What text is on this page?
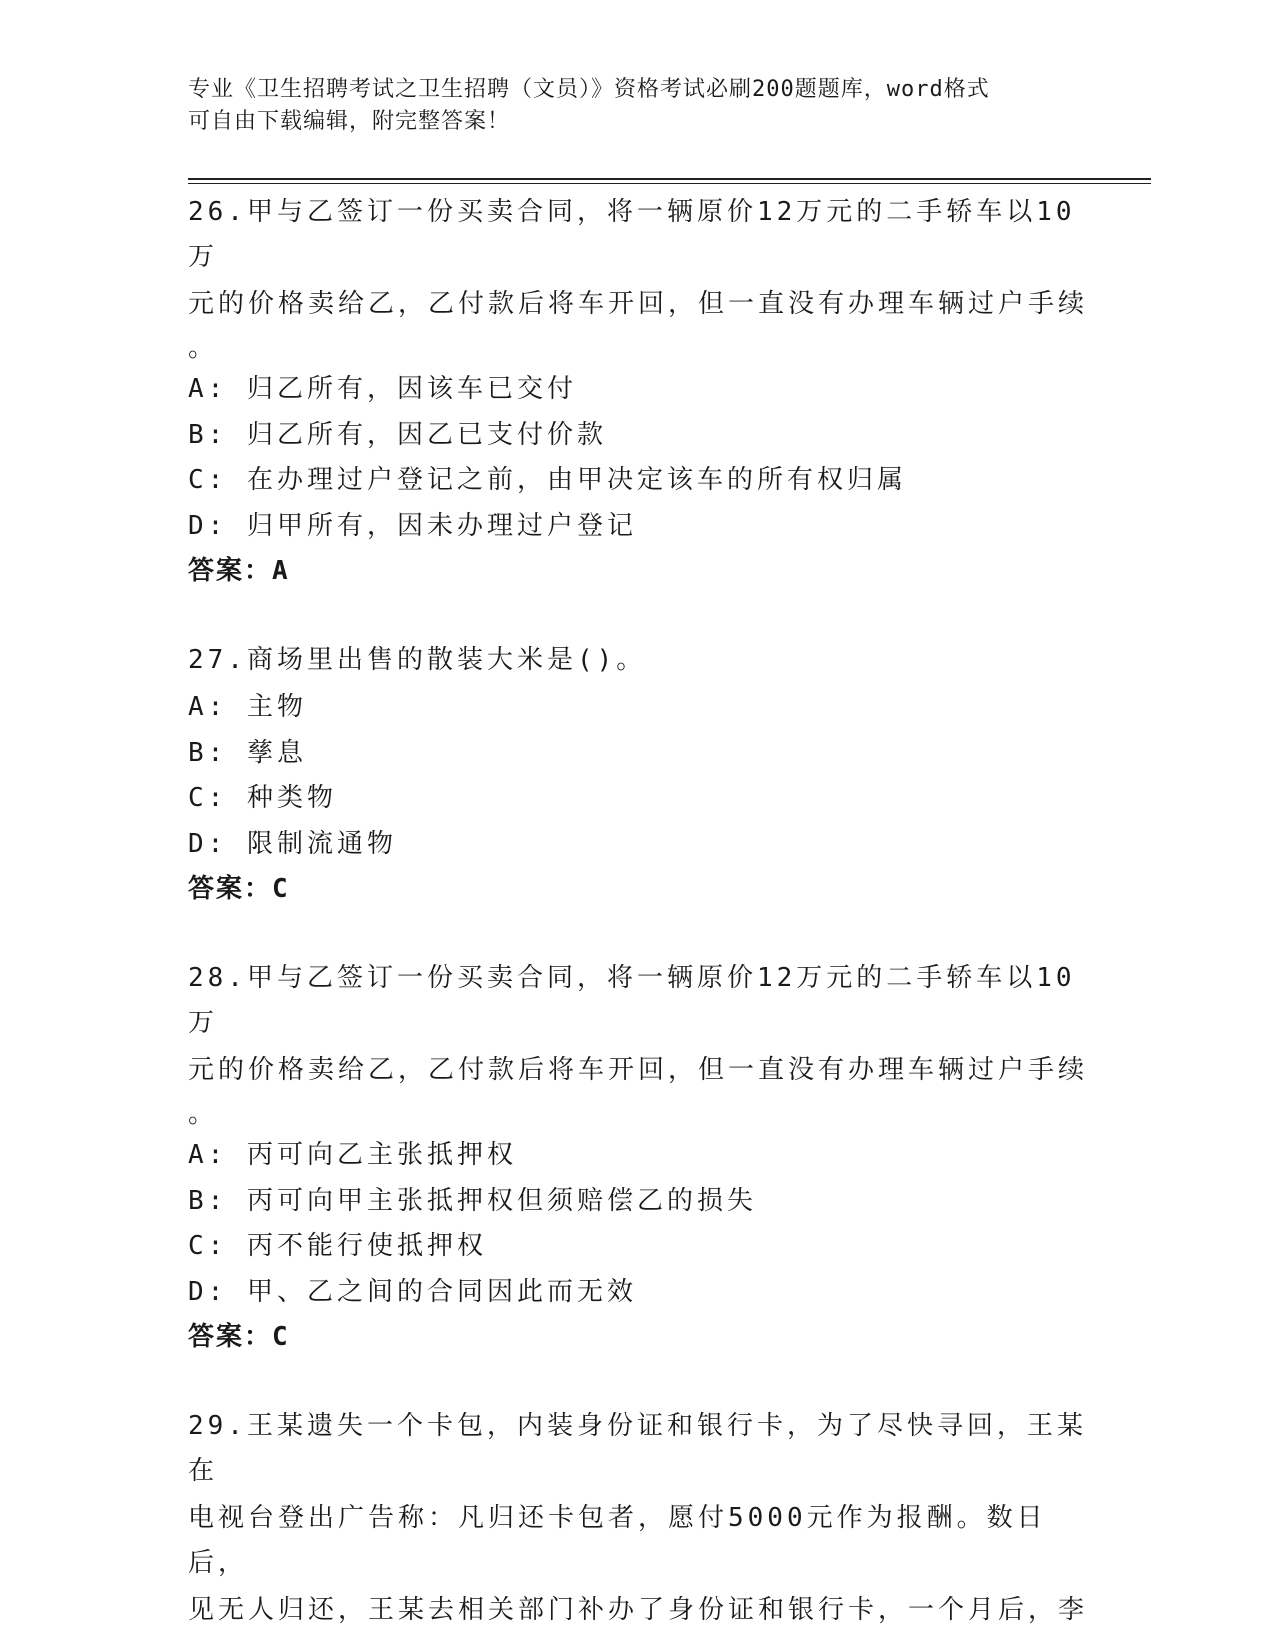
专业《卫生招聘考试之卫生招聘（文员）》资格考试必刷200题题库，word格式
可自由下载编辑，附完整答案！
26.甲与乙签订一份买卖合同，将一辆原价12万元的二手轿车以10万
元的价格卖给乙，乙付款后将车开回，但一直没有办理车辆过户手续
。
A: 归乙所有，因该车已交付
B: 归乙所有，因乙已支付价款
C: 在办理过户登记之前，由甲决定该车的所有权归属
D: 归甲所有，因未办理过户登记
答案：A
27.商场里出售的散装大米是()。
A: 主物
B: 孳息
C: 种类物
D: 限制流通物
答案：C
28.甲与乙签订一份买卖合同，将一辆原价12万元的二手轿车以10万
元的价格卖给乙，乙付款后将车开回，但一直没有办理车辆过户手续
。
A: 丙可向乙主张抵押权
B: 丙可向甲主张抵押权但须赔偿乙的损失
C: 丙不能行使抵押权
D: 甲、乙之间的合同因此而无效
答案：C
29.王某遗失一个卡包，内装身份证和银行卡，为了尽快寻回，王某在
电视台登出广告称：凡归还卡包者，愿付5000元作为报酬。数日后，
见无人归还，王某去相关部门补办了身份证和银行卡，一个月后，李
